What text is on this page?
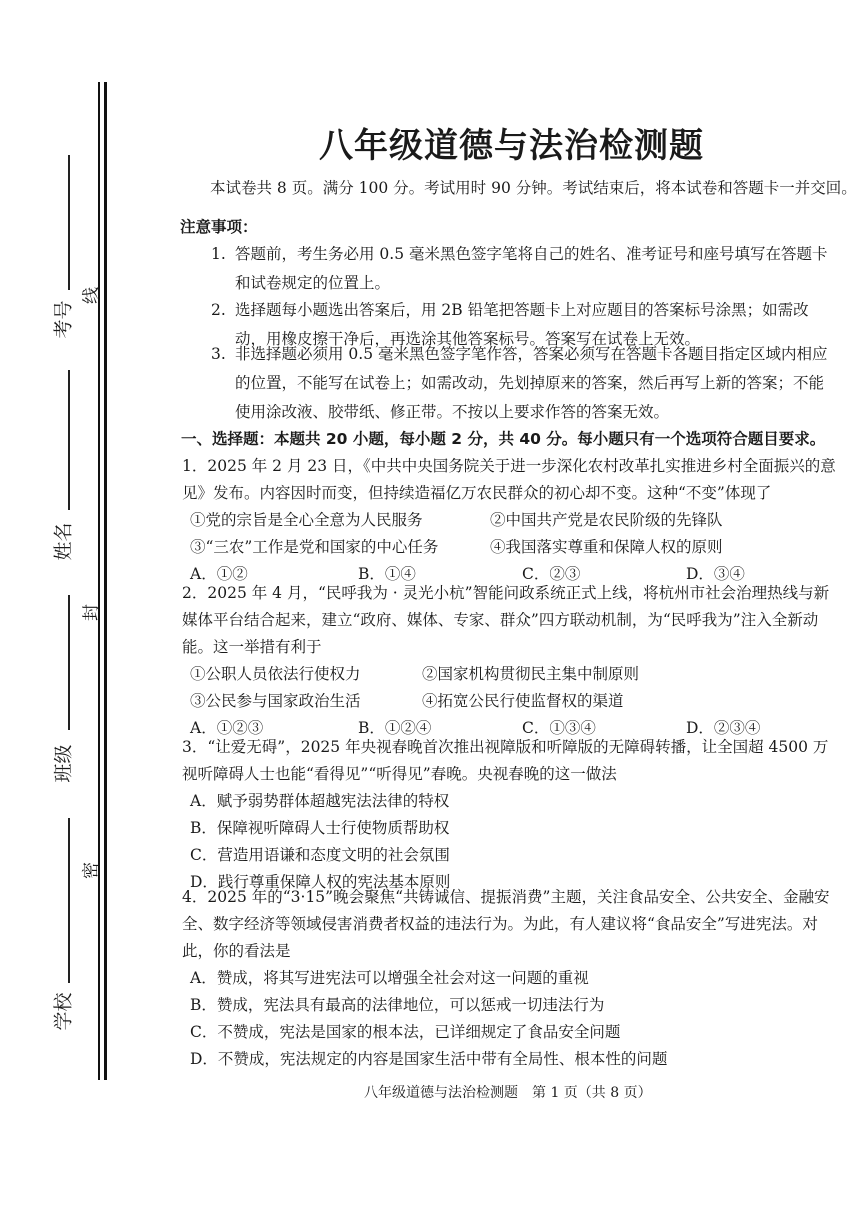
考号
姓名
班级
学校
线
封
密
八年级道德与法治检测题
本试卷共 8 页。满分 100 分。考试用时 90 分钟。考试结束后，将本试卷和答题卡一并交回。
注意事项：
1. 答题前，考生务必用 0.5 毫米黑色签字笔将自己的姓名、准考证号和座号填写在答题卡和试卷规定的位置上。
2. 选择题每小题选出答案后，用 2B 铅笔把答题卡上对应题目的答案标号涂黑；如需改动，用橡皮擦干净后，再选涂其他答案标号。答案写在试卷上无效。
3. 非选择题必须用 0.5 毫米黑色签字笔作答，答案必须写在答题卡各题目指定区域内相应的位置，不能写在试卷上；如需改动，先划掉原来的答案，然后再写上新的答案；不能使用涂改液、胶带纸、修正带。不按以上要求作答的答案无效。
一、选择题：本题共 20 小题，每小题 2 分，共 40 分。每小题只有一个选项符合题目要求。
1．2025 年 2 月 23 日，《中共中央国务院关于进一步深化农村改革扎实推进乡村全面振兴的意见》发布。内容因时而变，但持续造福亿万农民群众的初心却不变。这种“不变”体现了
①党的宗旨是全心全意为人民服务	②中国共产党是农民阶级的先锋队
③“三农”工作是党和国家的中心任务	④我国落实尊重和保障人权的原则
A．①②	B．①④	C．②③	D．③④
2．2025 年 4 月，“民呼我为 · 灵光小杭”智能问政系统正式上线，将杭州市社会治理热线与新媒体平台结合起来，建立“政府、媒体、专家、群众”四方联动机制，为“民呼我为”注入全新动能。这一举措有利于
①公职人员依法行使权力	②国家机构贯彻民主集中制原则
③公民参与国家政治生活	④拓宽公民行使监督权的渠道
A．①②③	B．①②④	C．①③④	D．②③④
3．“让爱无碍”，2025 年央视春晚首次推出视障版和听障版的无障碍转播，让全国超 4500 万视听障碍人士也能“看得见”“听得见”春晚。央视春晚的这一做法
A．赋予弱势群体超越宪法法律的特权
B．保障视听障碍人士行使物质帮助权
C．营造用语谦和态度文明的社会氛围
D．践行尊重保障人权的宪法基本原则
4．2025 年的“3·15”晚会聚焦“共铸诚信、提振消费”主题，关注食品安全、公共安全、金融安全、数字经济等领域侵害消费者权益的违法行为。为此，有人建议将“食品安全”写进宪法。对此，你的看法是
A．赞成，将其写进宪法可以增强全社会对这一问题的重视
B．赞成，宪法具有最高的法律地位，可以惩戒一切违法行为
C．不赞成，宪法是国家的根本法，已详细规定了食品安全问题
D．不赞成，宪法规定的内容是国家生活中带有全局性、根本性的问题
八年级道德与法治检测题　第 1 页（共 8 页）
